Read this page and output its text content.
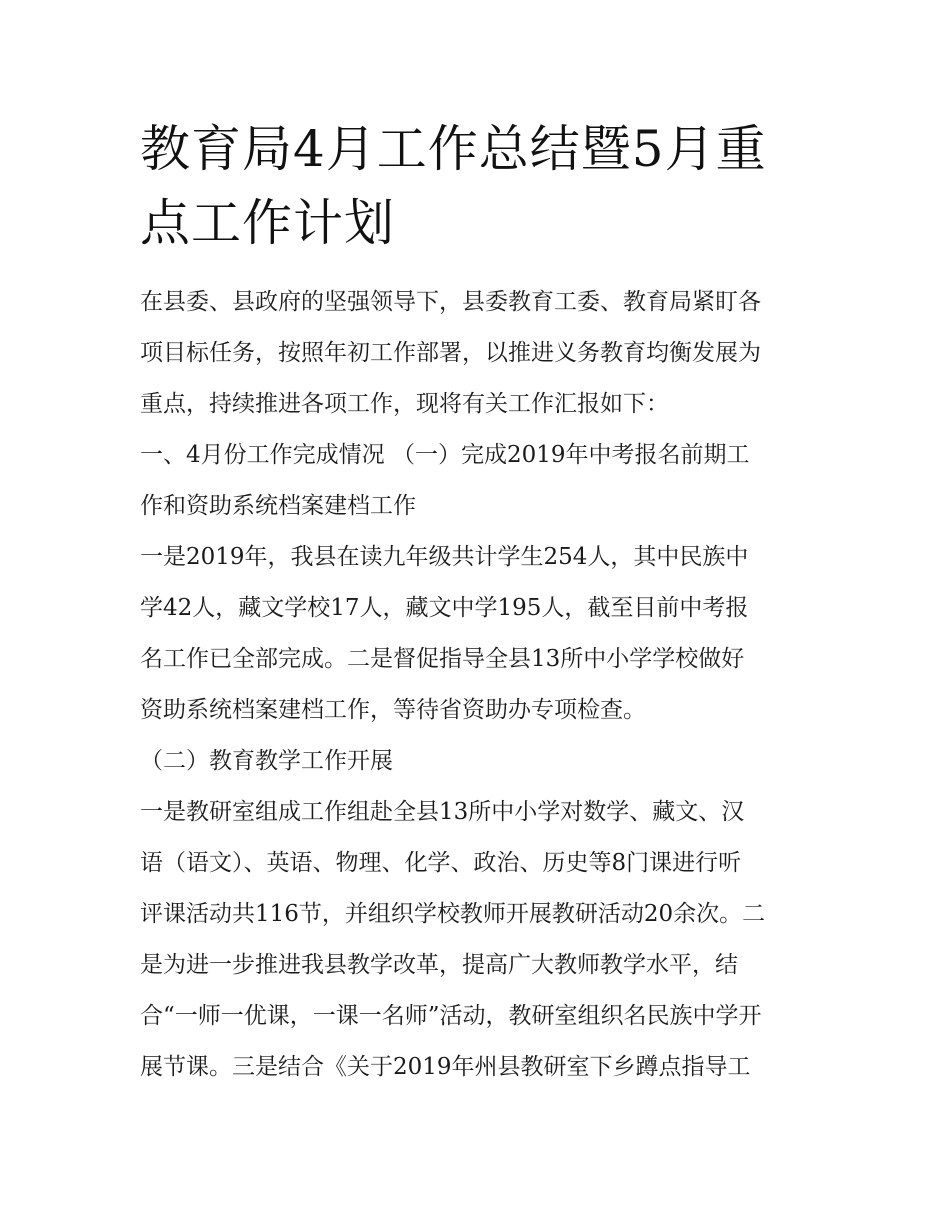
教育局4月工作总结暨5月重
点工作计划
在县委、县政府的坚强领导下，县委教育工委、教育局紧盯各
项目标任务，按照年初工作部署，以推进义务教育均衡发展为
重点，持续推进各项工作，现将有关工作汇报如下：
一、4月份工作完成情况 （一）完成2019年中考报名前期工
作和资助系统档案建档工作
一是2019年，我县在读九年级共计学生254人，其中民族中
学42人，藏文学校17人，藏文中学195人，截至目前中考报
名工作已全部完成。二是督促指导全县13所中小学学校做好
资助系统档案建档工作，等待省资助办专项检查。
（二）教育教学工作开展
一是教研室组成工作组赴全县13所中小学对数学、藏文、汉
语（语文）、英语、物理、化学、政治、历史等8门课进行听
评课活动共116节，并组织学校教师开展教研活动20余次。二
是为进一步推进我县教学改革，提高广大教师教学水平，结
合“一师一优课，一课一名师”活动，教研室组织名民族中学开
展节课。三是结合《关于2019年州县教研室下乡蹲点指导工
